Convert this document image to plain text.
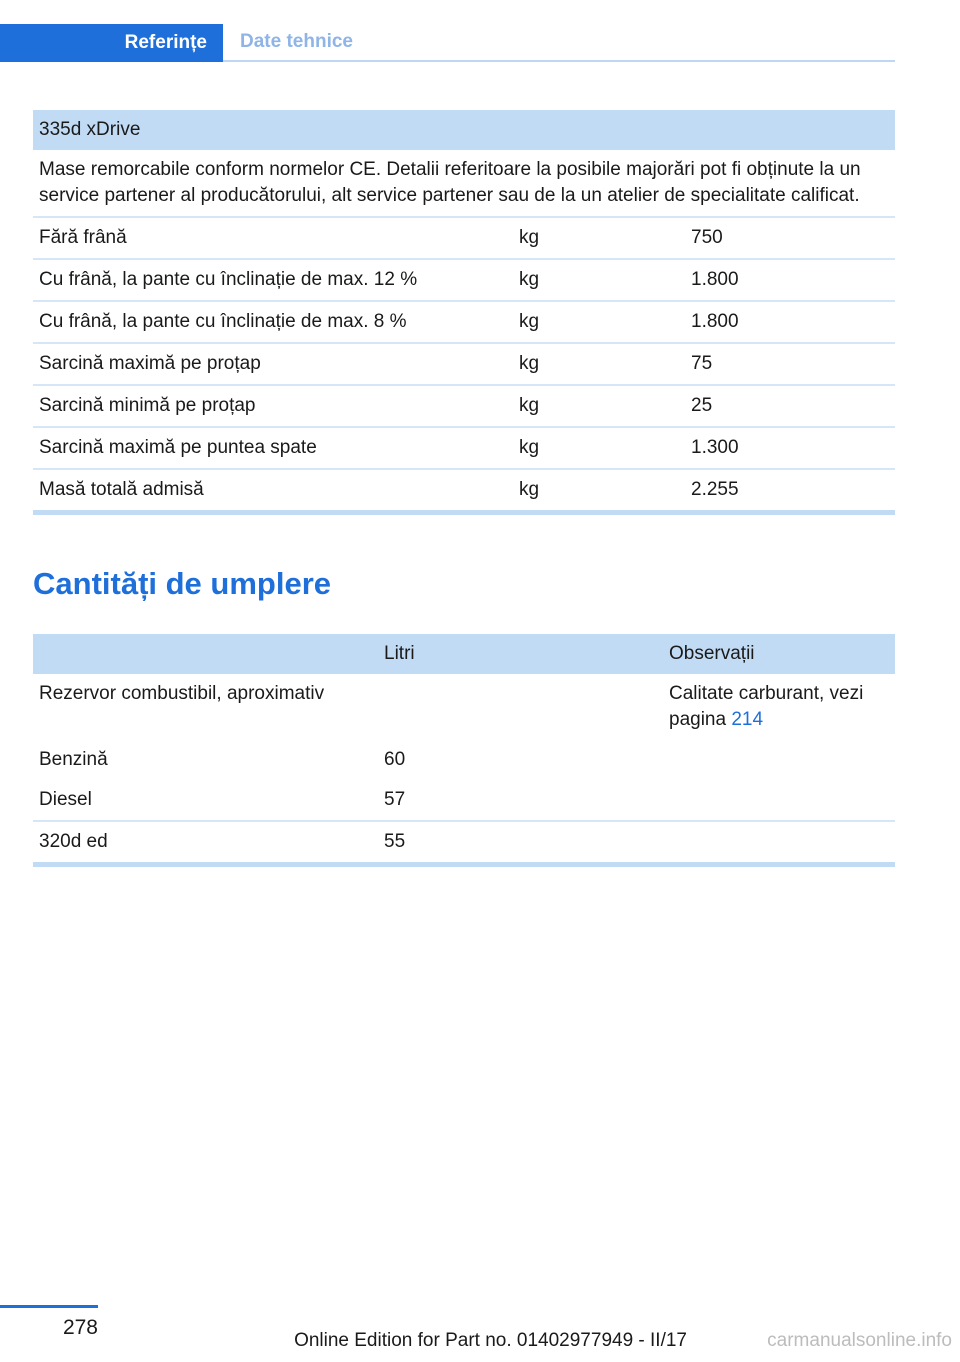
Referințe	Date tehnice
335d xDrive		
Mase remorcabile conform normelor CE. Detalii referitoare la posibile majorări pot fi obținute la un service partener al producătorului, alt service partener sau de la un atelier de specialitate calificat.		
Fără frână	kg	750
Cu frână, la pante cu înclinație de max. 12 %	kg	1.800
Cu frână, la pante cu înclinație de max. 8 %	kg	1.800
Sarcină maximă pe proțap	kg	75
Sarcină minimă pe proțap	kg	25
Sarcină maximă pe puntea spate	kg	1.300
Masă totală admisă	kg	2.255

Cantități de umplere
	Litri	Observații
Rezervor combustibil, aproximativ		Calitate carburant, vezi pagina 214
Benzină	60	
Diesel	57	
320d ed	55	

278
Online Edition for Part no. 01402977949 - II/17	carmanualsonline.info
